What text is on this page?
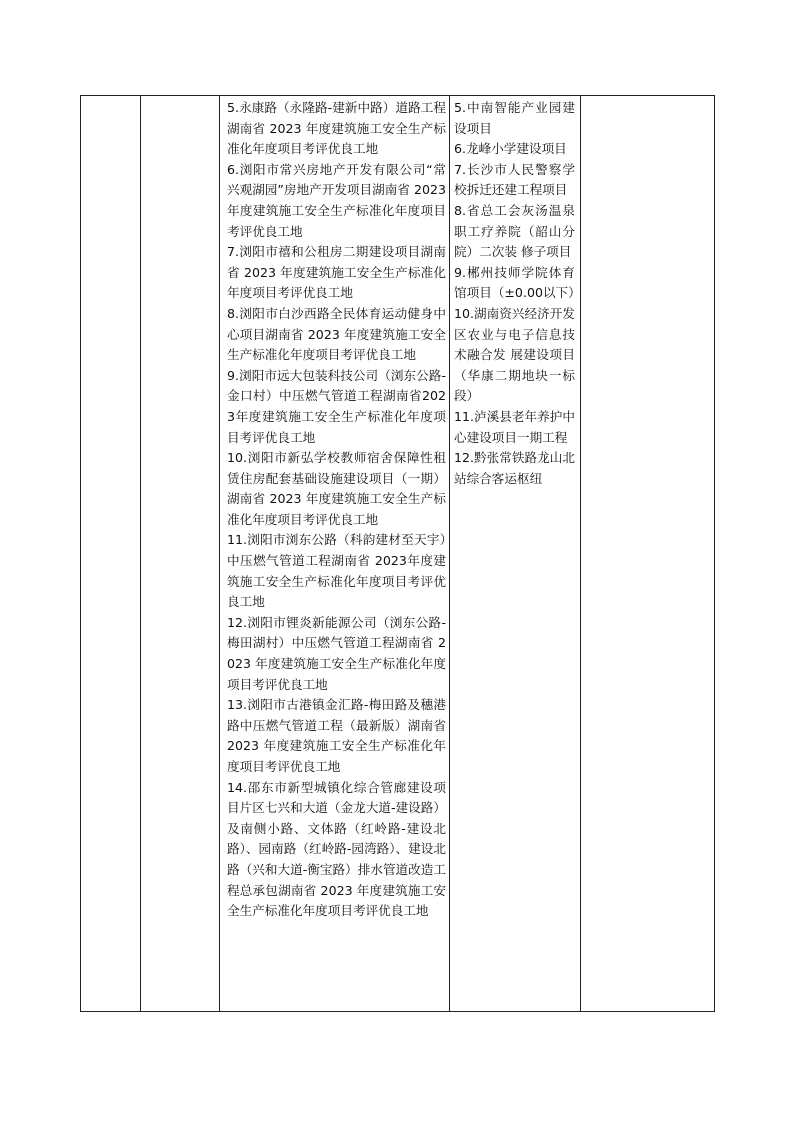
5.永康路（永隆路-建新中路）道路工程湖南省 2023 年度建筑施工安全生产标准化年度项目考评优良工地

6.浏阳市常兴房地产开发有限公司“常兴观湖园”房地产开发项目湖南省 2023 年度建筑施工安全生产标准化年度项目考评优良工地

7.浏阳市禧和公租房二期建设项目湖南省 2023 年度建筑施工安全生产标准化年度项目考评优良工地

8.浏阳市白沙西路全民体育运动健身中心项目湖南省 2023 年度建筑施工安全生产标准化年度项目考评优良工地

9.浏阳市远大包装科技公司（浏东公路-金口村）中压燃气管道工程湖南省2023年度建筑施工安全生产标准化年度项目考评优良工地

10.浏阳市新弘学校教师宿舍保障性租赁住房配套基础设施建设项目（一期）湖南省 2023 年度建筑施工安全生产标准化年度项目考评优良工地

11.浏阳市浏东公路（科韵建材至天宇）中压燃气管道工程湖南省 2023年度建筑施工安全生产标准化年度项目考评优良工地

12.浏阳市锂炎新能源公司（浏东公路-梅田湖村）中压燃气管道工程湖南省 2023 年度建筑施工安全生产标准化年度项目考评优良工地

13.浏阳市古港镇金汇路-梅田路及穗港路中压燃气管道工程（最新版）湖南省 2023 年度建筑施工安全生产标准化年度项目考评优良工地

14.邵东市新型城镇化综合管廊建设项目片区七兴和大道（金龙大道-建设路）及南侧小路、文体路（红岭路-建设北路）、园南路（红岭路-园湾路）、建设北路（兴和大道-衡宝路）排水管道改造工程总承包湖南省 2023 年度建筑施工安全生产标准化年度项目考评优良工地

5.中南智能产业园建设项目

6.龙峰小学建设项目

7.长沙市人民警察学校拆迁还建工程项目

8.省总工会灰汤温泉职工疗养院（韶山分院）二次装 修子项目

9.郴州技师学院体育馆项目（±0.00以下）

10.湖南资兴经济开发区农业与电子信息技术融合发 展建设项目（华康二期地块一标段）

11.泸溪县老年养护中心建设项目一期工程

12.黔张常铁路龙山北站综合客运枢纽
